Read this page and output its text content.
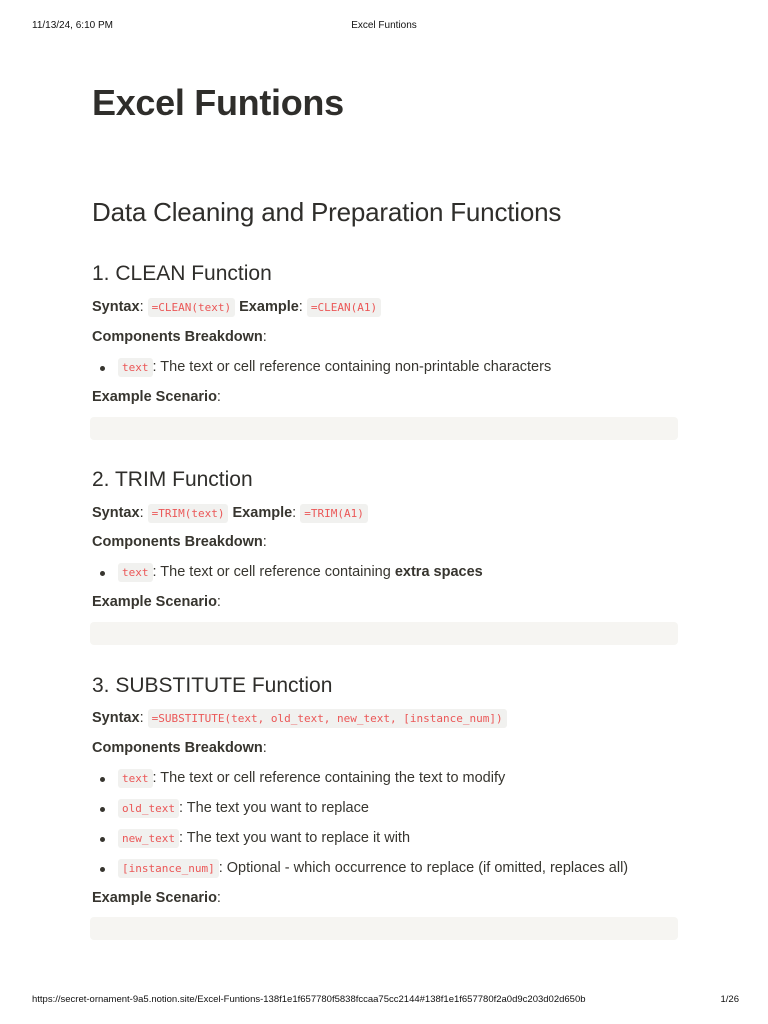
11/13/24, 6:10 PM	Excel Funtions
Excel Funtions
Data Cleaning and Preparation Functions
1. CLEAN Function
Syntax: =CLEAN(text) Example: =CLEAN(A1)
Components Breakdown:
text : The text or cell reference containing non-printable characters
Example Scenario:
2. TRIM Function
Syntax: =TRIM(text) Example: =TRIM(A1)
Components Breakdown:
text : The text or cell reference containing extra spaces
Example Scenario:
3. SUBSTITUTE Function
Syntax: =SUBSTITUTE(text, old_text, new_text, [instance_num])
Components Breakdown:
text : The text or cell reference containing the text to modify
old_text : The text you want to replace
new_text : The text you want to replace it with
[instance_num] : Optional - which occurrence to replace (if omitted, replaces all)
Example Scenario:
https://secret-ornament-9a5.notion.site/Excel-Funtions-138f1e1f657780f5838fccaa75cc2144#138f1e1f657780f2a0d9c203d02d650b	1/26
